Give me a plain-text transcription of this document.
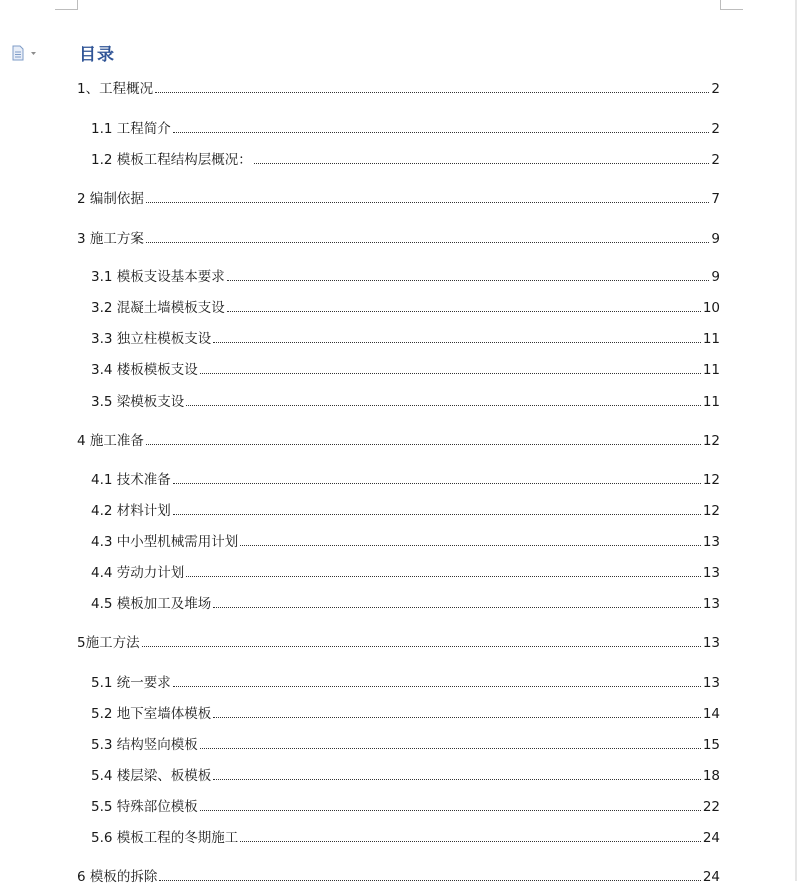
目录
1、工程概况	2
1.1 工程简介	2
1.2 模板工程结构层概况：	2
2 编制依据	7
3 施工方案	9
3.1 模板支设基本要求	9
3.2 混凝土墙模板支设	10
3.3 独立柱模板支设	11
3.4 楼板模板支设	11
3.5 梁模板支设	11
4 施工准备	12
4.1 技术准备	12
4.2 材料计划	12
4.3 中小型机械需用计划	13
4.4 劳动力计划	13
4.5 模板加工及堆场	13
5施工方法	13
5.1 统一要求	13
5.2 地下室墙体模板	14
5.3 结构竖向模板	15
5.4 楼层梁、板模板	18
5.5 特殊部位模板	22
5.6 模板工程的冬期施工	24
6 模板的拆除	24
